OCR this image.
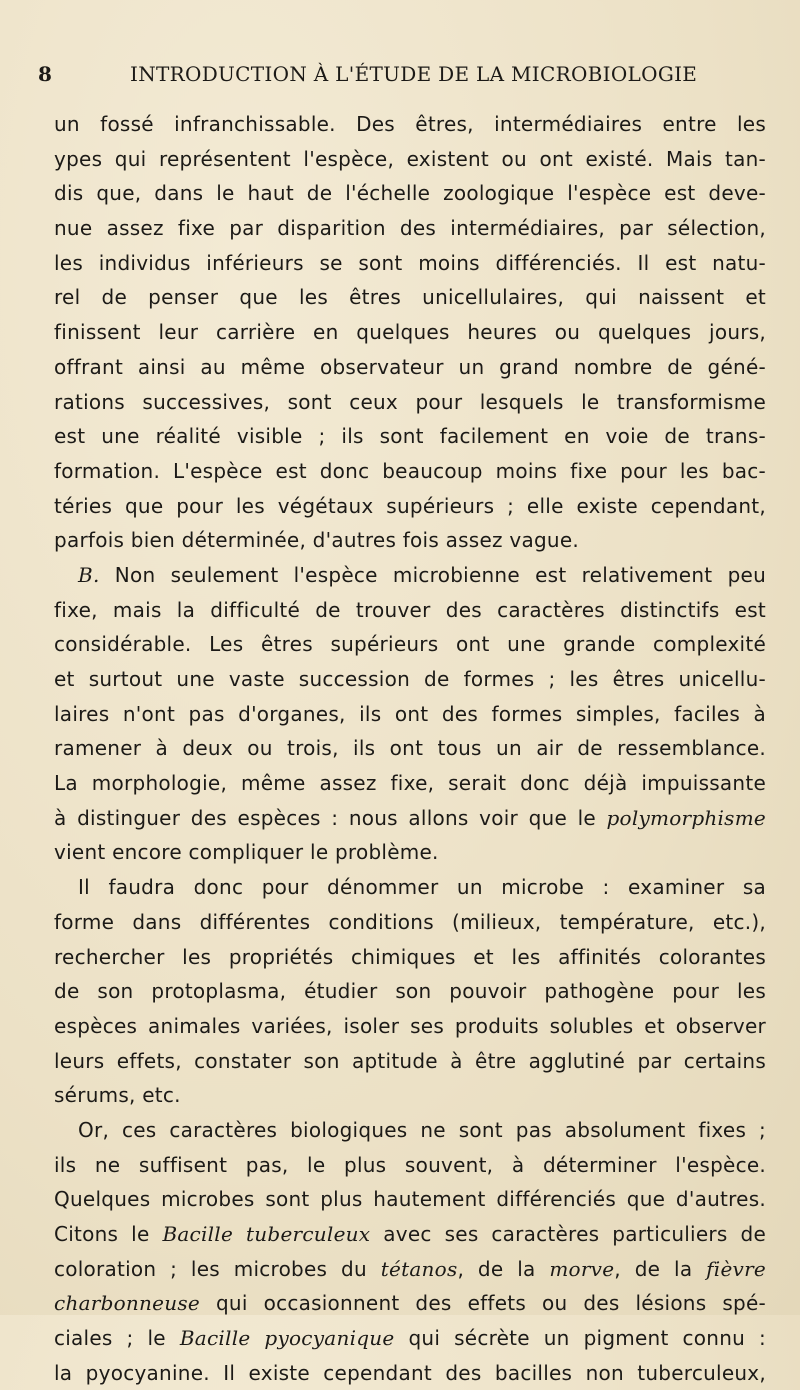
8	INTRODUCTION À L'ÉTUDE DE LA MICROBIOLOGIE
un fossé infranchissable. Des êtres, intermédiaires entre les
ypes qui représentent l'espèce, existent ou ont existé. Mais tan-
dis que, dans le haut de l'échelle zoologique l'espèce est deve-
nue assez fixe par disparition des intermédiaires, par sélection,
les individus inférieurs se sont moins différenciés. Il est natu-
rel de penser que les êtres unicellulaires, qui naissent et
finissent leur carrière en quelques heures ou quelques jours,
offrant ainsi au même observateur un grand nombre de géné-
rations successives, sont ceux pour lesquels le transformisme
est une réalité visible ; ils sont facilement en voie de trans-
formation. L'espèce est donc beaucoup moins fixe pour les bac-
téries que pour les végétaux supérieurs ; elle existe cependant,
parfois bien déterminée, d'autres fois assez vague.
B. Non seulement l'espèce microbienne est relativement peu
fixe, mais la difficulté de trouver des caractères distinctifs est
considérable. Les êtres supérieurs ont une grande complexité
et surtout une vaste succession de formes ; les êtres unicellu-
laires n'ont pas d'organes, ils ont des formes simples, faciles à
ramener à deux ou trois, ils ont tous un air de ressemblance.
La morphologie, même assez fixe, serait donc déjà impuissante
à distinguer des espèces : nous allons voir que le polymorphisme
vient encore compliquer le problème.
Il faudra donc pour dénommer un microbe : examiner sa
forme dans différentes conditions (milieux, température, etc.),
rechercher les propriétés chimiques et les affinités colorantes
de son protoplasma, étudier son pouvoir pathogène pour les
espèces animales variées, isoler ses produits solubles et observer
leurs effets, constater son aptitude à être agglutiné par certains
sérums, etc.
Or, ces caractères biologiques ne sont pas absolument fixes ;
ils ne suffisent pas, le plus souvent, à déterminer l'espèce.
Quelques microbes sont plus hautement différenciés que d'autres.
Citons le Bacille tuberculeux avec ses caractères particuliers de
coloration ; les microbes du tétanos, de la morve, de la fièvre
charbonneuse qui occasionnent des effets ou des lésions spé-
ciales ; le Bacille pyocyanique qui sécrète un pigment connu :
la pyocyanine. Il existe cependant des bacilles non tuberculeux,
